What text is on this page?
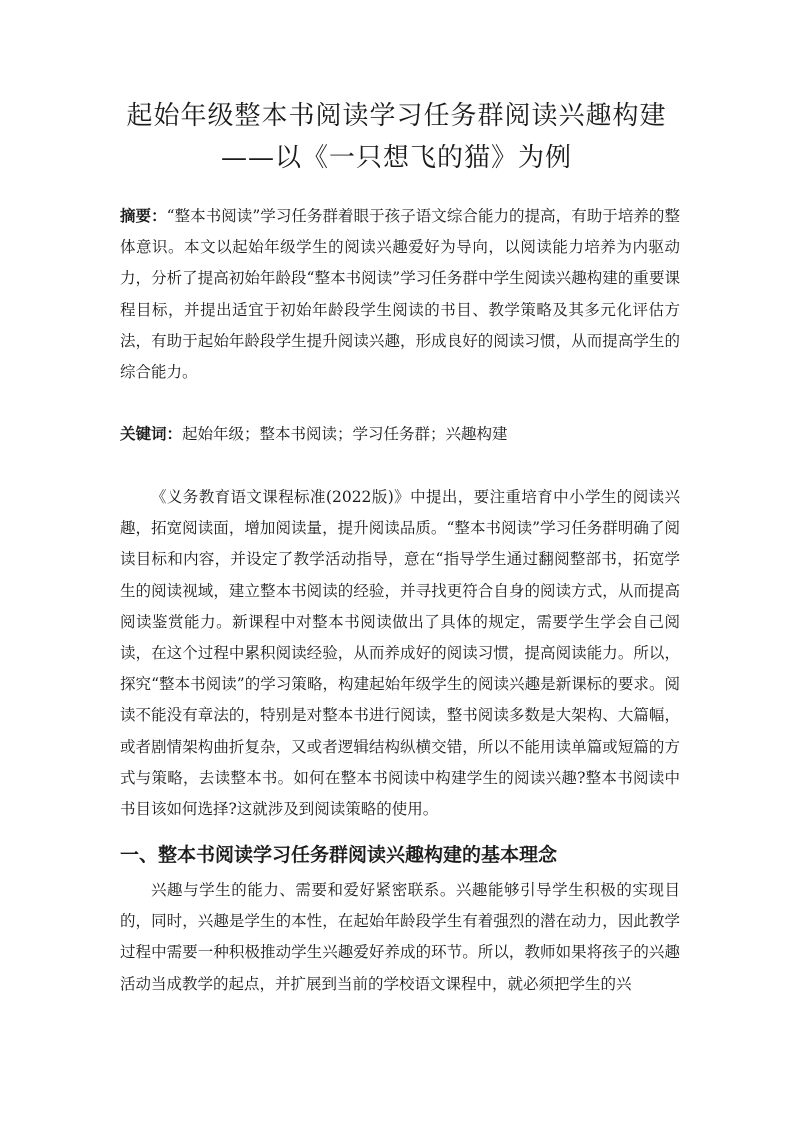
起始年级整本书阅读学习任务群阅读兴趣构建
——以《一只想飞的猫》为例

摘要：“整本书阅读”学习任务群着眼于孩子语文综合能力的提高，有助于培养的整体意识。本文以起始年级学生的阅读兴趣爱好为导向，以阅读能力培养为内驱动力，分析了提高初始年龄段“整本书阅读”学习任务群中学生阅读兴趣构建的重要课程目标，并提出适宜于初始年龄段学生阅读的书目、教学策略及其多元化评估方法，有助于起始年龄段学生提升阅读兴趣，形成良好的阅读习惯，从而提高学生的综合能力。

关键词：起始年级；整本书阅读；学习任务群；兴趣构建

《义务教育语文课程标准(2022版)》中提出，要注重培育中小学生的阅读兴趣，拓宽阅读面，增加阅读量，提升阅读品质。“整本书阅读”学习任务群明确了阅读目标和内容，并设定了教学活动指导，意在“指导学生通过翻阅整部书，拓宽学生的阅读视域，建立整本书阅读的经验，并寻找更符合自身的阅读方式，从而提高阅读鉴赏能力。新课程中对整本书阅读做出了具体的规定，需要学生学会自己阅读，在这个过程中累积阅读经验，从而养成好的阅读习惯，提高阅读能力。所以，探究“整本书阅读”的学习策略，构建起始年级学生的阅读兴趣是新课标的要求。阅读不能没有章法的，特别是对整本书进行阅读，整书阅读多数是大架构、大篇幅，或者剧情架构曲折复杂，又或者逻辑结构纵横交错，所以不能用读单篇或短篇的方式与策略，去读整本书。如何在整本书阅读中构建学生的阅读兴趣?整本书阅读中书目该如何选择?这就涉及到阅读策略的使用。

一、整本书阅读学习任务群阅读兴趣构建的基本理念

兴趣与学生的能力、需要和爱好紧密联系。兴趣能够引导学生积极的实现目的，同时，兴趣是学生的本性，在起始年龄段学生有着强烈的潜在动力，因此教学过程中需要一种积极推动学生兴趣爱好养成的环节。所以，教师如果将孩子的兴趣活动当成教学的起点，并扩展到当前的学校语文课程中，就必须把学生的兴
